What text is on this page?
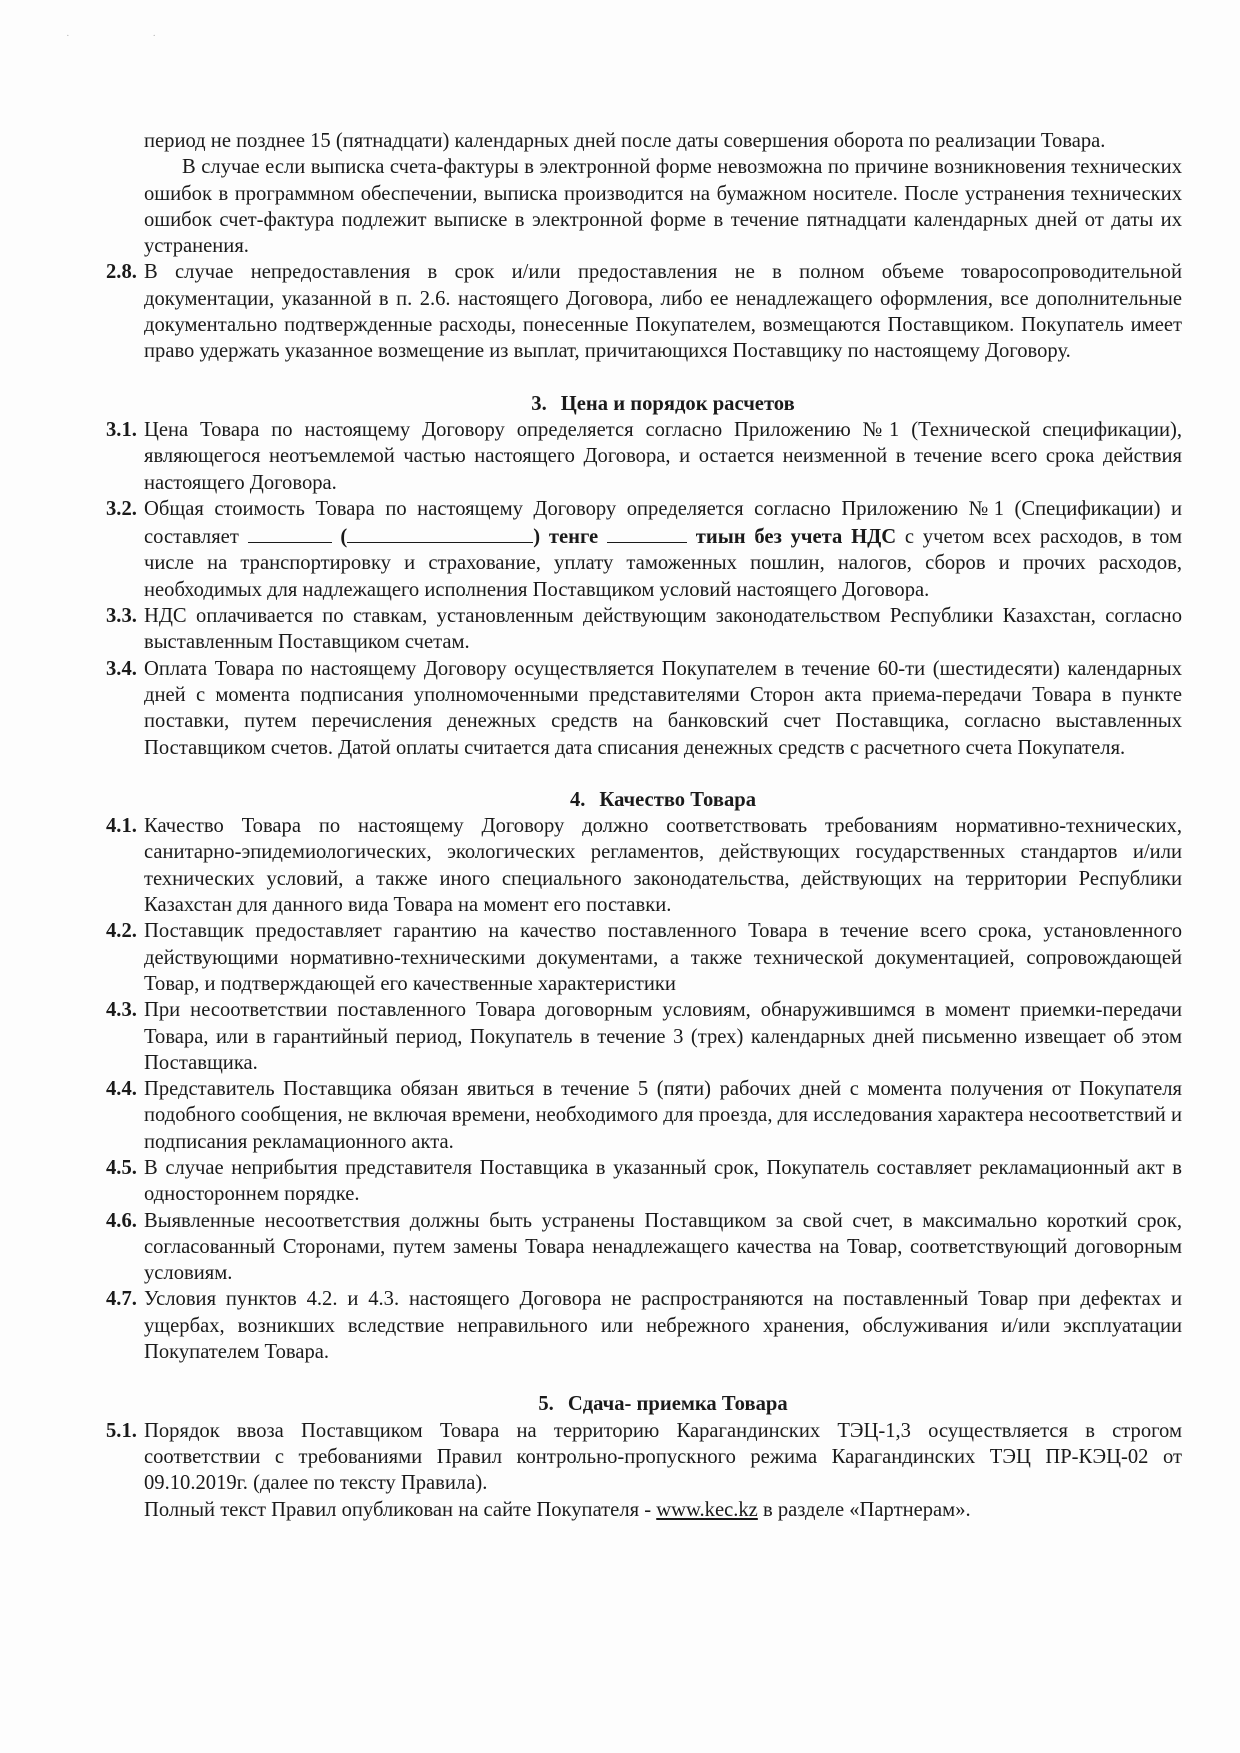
· ·
период не позднее 15 (пятнадцати) календарных дней после даты совершения оборота по реализации Товара.
В случае если выписка счета-фактуры в электронной форме невозможна по причине возникновения технических ошибок в программном обеспечении, выписка производится на бумажном носителе. После устранения технических ошибок счет-фактура подлежит выписке в электронной форме в течение пятнадцати календарных дней от даты их устранения.
2.8. В случае непредоставления в срок и/или предоставления не в полном объеме товаросопроводительной документации, указанной в п. 2.6. настоящего Договора, либо ее ненадлежащего оформления, все дополнительные документально подтвержденные расходы, понесенные Покупателем, возмещаются Поставщиком. Покупатель имеет право удержать указанное возмещение из выплат, причитающихся Поставщику по настоящему Договору.
3. Цена и порядок расчетов
3.1. Цена Товара по настоящему Договору определяется согласно Приложению №1 (Технической спецификации), являющегося неотъемлемой частью настоящего Договора, и остается неизменной в течение всего срока действия настоящего Договора.
3.2. Общая стоимость Товара по настоящему Договору определяется согласно Приложению №1 (Спецификации) и составляет	(	) тенге	тиын без учета НДС с учетом всех расходов, в том числе на транспортировку и страхование, уплату таможенных пошлин, налогов, сборов и прочих расходов, необходимых для надлежащего исполнения Поставщиком условий настоящего Договора.
3.3. НДС оплачивается по ставкам, установленным действующим законодательством Республики Казахстан, согласно выставленным Поставщиком счетам.
3.4. Оплата Товара по настоящему Договору осуществляется Покупателем в течение 60-ти (шестидесяти) календарных дней с момента подписания уполномоченными представителями Сторон акта приема-передачи Товара в пункте поставки, путем перечисления денежных средств на банковский счет Поставщика, согласно выставленных Поставщиком счетов. Датой оплаты считается дата списания денежных средств с расчетного счета Покупателя.
4. Качество Товара
4.1. Качество Товара по настоящему Договору должно соответствовать требованиям нормативно-технических, санитарно-эпидемиологических, экологических регламентов, действующих государственных стандартов и/или технических условий, а также иного специального законодательства, действующих на территории Республики Казахстан для данного вида Товара на момент его поставки.
4.2. Поставщик предоставляет гарантию на качество поставленного Товара в течение всего срока, установленного действующими нормативно-техническими документами, а также технической документацией, сопровождающей Товар, и подтверждающей его качественные характеристики
4.3. При несоответствии поставленного Товара договорным условиям, обнаружившимся в момент приемки-передачи Товара, или в гарантийный период, Покупатель в течение 3 (трех) календарных дней письменно извещает об этом Поставщика.
4.4. Представитель Поставщика обязан явиться в течение 5 (пяти) рабочих дней с момента получения от Покупателя подобного сообщения, не включая времени, необходимого для проезда, для исследования характера несоответствий и подписания рекламационного акта.
4.5. В случае неприбытия представителя Поставщика в указанный срок, Покупатель составляет рекламационный акт в одностороннем порядке.
4.6. Выявленные несоответствия должны быть устранены Поставщиком за свой счет, в максимально короткий срок, согласованный Сторонами, путем замены Товара ненадлежащего качества на Товар, соответствующий договорным условиям.
4.7. Условия пунктов 4.2. и 4.3. настоящего Договора не распространяются на поставленный Товар при дефектах и ущербах, возникших вследствие неправильного или небрежного хранения, обслуживания и/или эксплуатации Покупателем Товара.
5. Сдача- приемка Товара
5.1. Порядок ввоза Поставщиком Товара на территорию Карагандинских ТЭЦ-1,3 осуществляется в строгом соответствии с требованиями Правил контрольно-пропускного режима Карагандинских ТЭЦ ПР-КЭЦ-02 от 09.10.2019г. (далее по тексту Правила).
Полный текст Правил опубликован на сайте Покупателя - www.kec.kz в разделе «Партнерам».
